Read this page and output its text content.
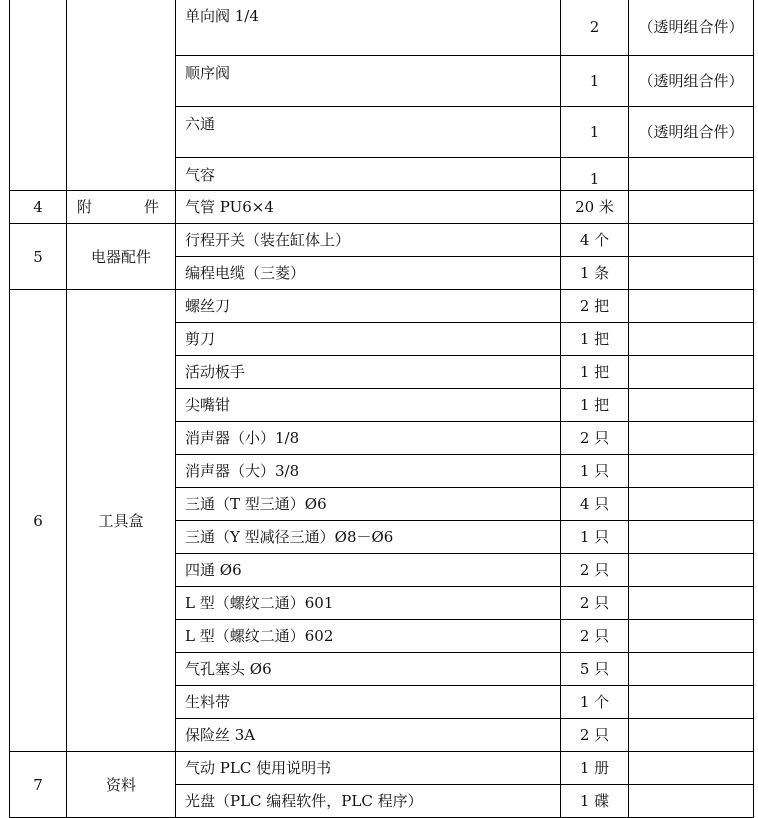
		单向阀 1/4	2	（透明组合件）
		顺序阀	1	（透明组合件）
		六通	1	（透明组合件）
		气容	1	
4	附件	气管 PU6×4	20 米	
5	电器配件	行程开关（装在缸体上）	4 个	
		编程电缆（三菱）	1 条	
6	工具盒	螺丝刀	2 把	
		剪刀	1 把	
		活动板手	1 把	
		尖嘴钳	1 把	
		消声器（小）1/8	2 只	
		消声器（大）3/8	1 只	
		三通（T 型三通）Ø6	4 只	
		三通（Y 型减径三通）Ø8－Ø6	1 只	
		四通 Ø6	2 只	
		L 型（螺纹二通）601	2 只	
		L 型（螺纹二通）602	2 只	
		气孔塞头 Ø6	5 只	
		生料带	1 个	
		保险丝 3A	2 只	
7	资料	气动 PLC 使用说明书	1 册	
		光盘（PLC 编程软件，PLC 程序）	1 碟	
